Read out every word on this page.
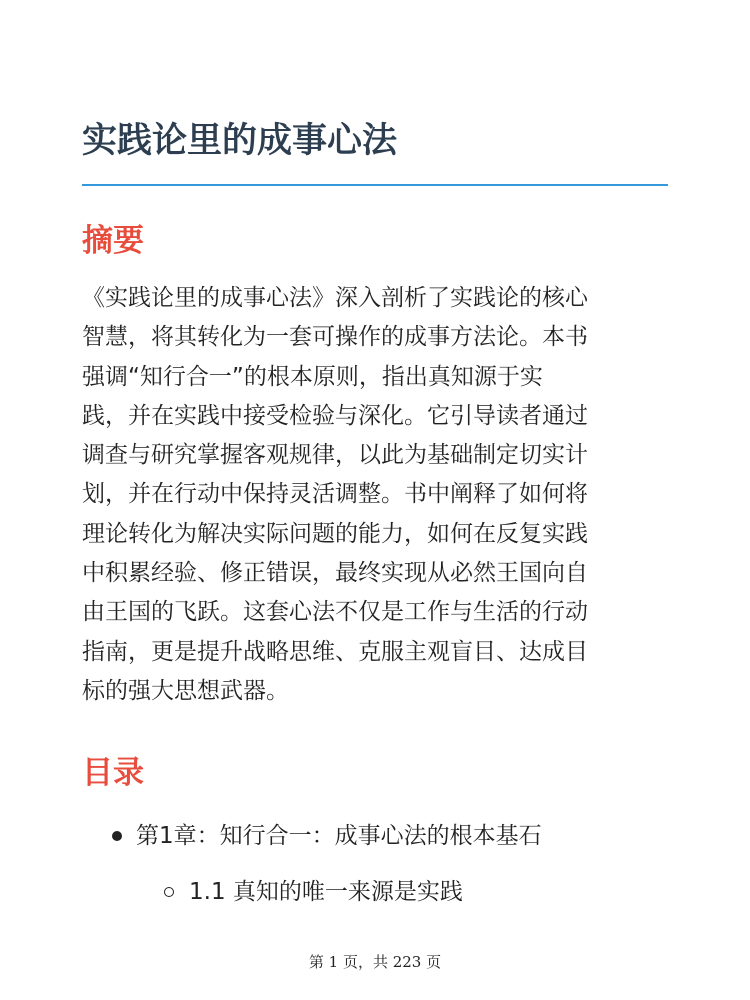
实践论里的成事心法
摘要

《实践论里的成事心法》深入剖析了实践论的核心
智慧，将其转化为一套可操作的成事方法论。本书
强调“知行合一”的根本原则，指出真知源于实
践，并在实践中接受检验与深化。它引导读者通过
调查与研究掌握客观规律，以此为基础制定切实计
划，并在行动中保持灵活调整。书中阐释了如何将
理论转化为解决实际问题的能力，如何在反复实践
中积累经验、修正错误，最终实现从必然王国向自
由王国的飞跃。这套心法不仅是工作与生活的行动
指南，更是提升战略思维、克服主观盲目、达成目
标的强大思想武器。

目录
第1章：知行合一：成事心法的根本基石
1.1 真知的唯一来源是实践
第 1 页，共 223 页
